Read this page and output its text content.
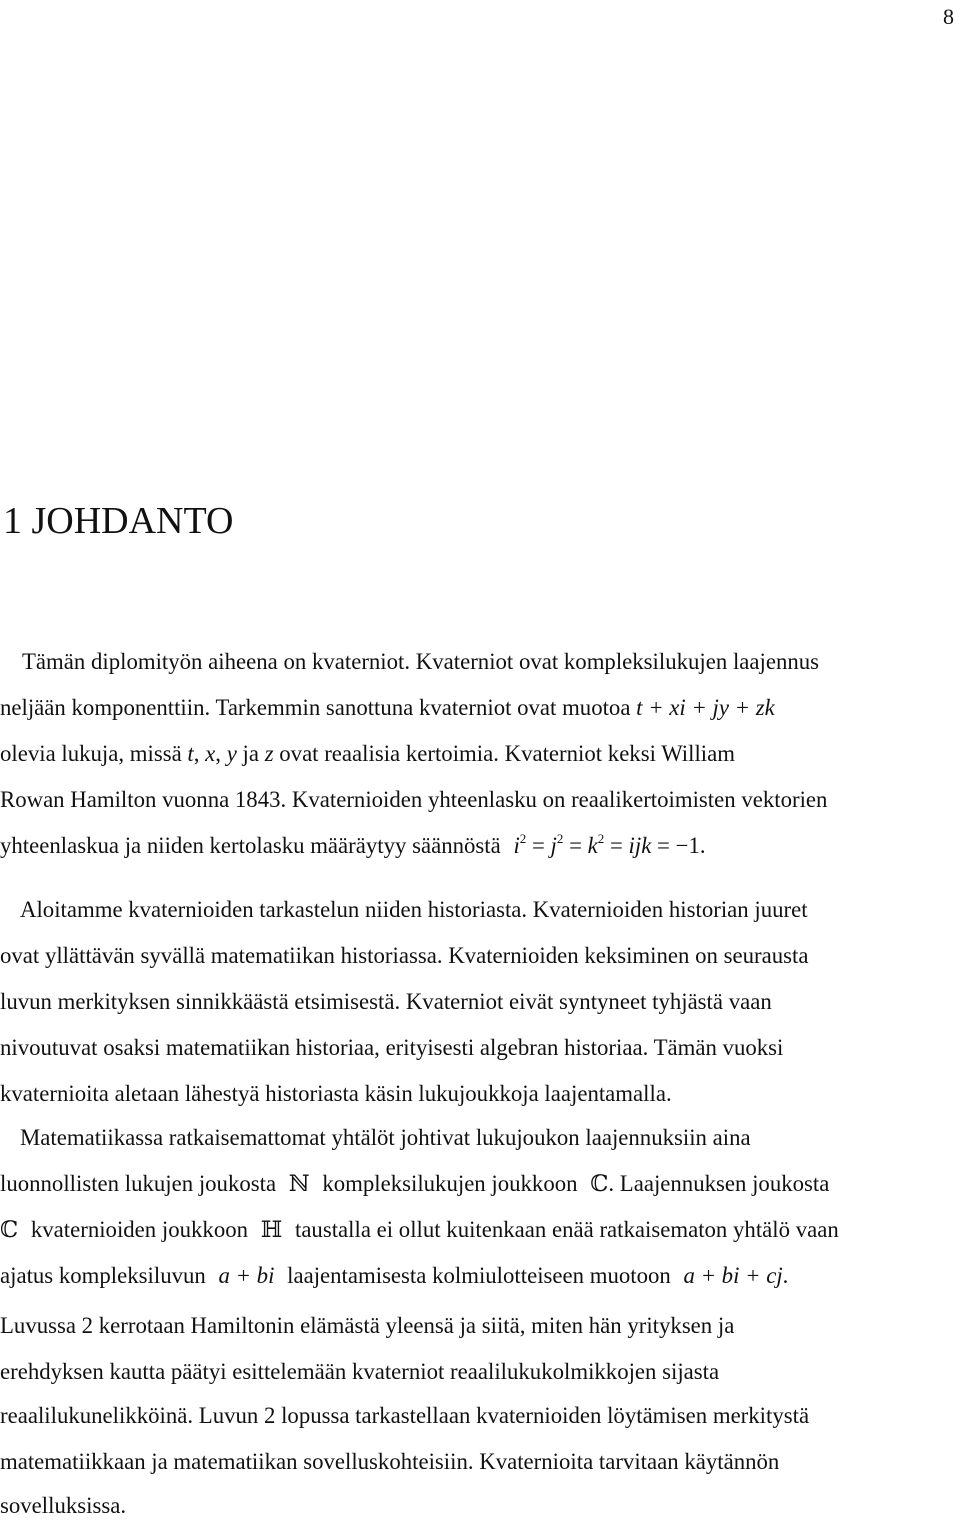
8
1 JOHDANTO
Tämän diplomityön aiheena on kvaterniot. Kvaterniot ovat kompleksilukujen laajennus
neljään komponenttiin. Tarkemmin sanottuna kvaterniot ovat muotoa t + xi + jy + zk
olevia lukuja, missä t, x, y ja z ovat reaalisia kertoimia. Kvaterniot keksi William
Rowan Hamilton vuonna 1843. Kvaternioiden yhteenlasku on reaalikertoimisten vektorien
yhteenlaskua ja niiden kertolasku määräytyy säännöstä $i^2 = j^2 = k^2$ = ijk = −1.
Aloitamme kvaternioiden tarkastelun niiden historiasta. Kvaternioiden historian juuret
ovat yllättävän syvällä matematiikan historiassa. Kvaternioiden keksiminen on seurausta
luvun merkityksen sinnikkäästä etsimisestä. Kvaterniot eivät syntyneet tyhjästä vaan
nivoutuvat osaksi matematiikan historiaa, erityisesti algebran historiaa. Tämän vuoksi
kvaternioita aletaan lähestyä historiasta käsin lukujoukkoja laajentamalla.
Matematiikassa ratkaisemattomat yhtälöt johtivat lukujoukon laajennuksiin aina
luonnollisten lukujen joukosta ℕ kompleksilukujen joukkoon ℂ. Laajennuksen joukosta
ℂ kvaternioiden joukkoon ℍ taustalla ei ollut kuitenkaan enää ratkaisematon yhtälö vaan
ajatus kompleksiluvun a + bi laajentamisesta kolmiulotteiseen muotoon a + bi + cj.
Luvussa 2 kerrotaan Hamiltonin elämästä yleensä ja siitä, miten hän yrityksen ja
erehdyksen kautta päätyi esittelemään kvaterniot reaalilukukolmikkojen sijasta
reaalilukunelikköinä. Luvun 2 lopussa tarkastellaan kvaternioiden löytämisen merkitystä
matematiikkaan ja matematiikan sovelluskohteisiin. Kvaternioita tarvitaan käytännön
sovelluksissa.
